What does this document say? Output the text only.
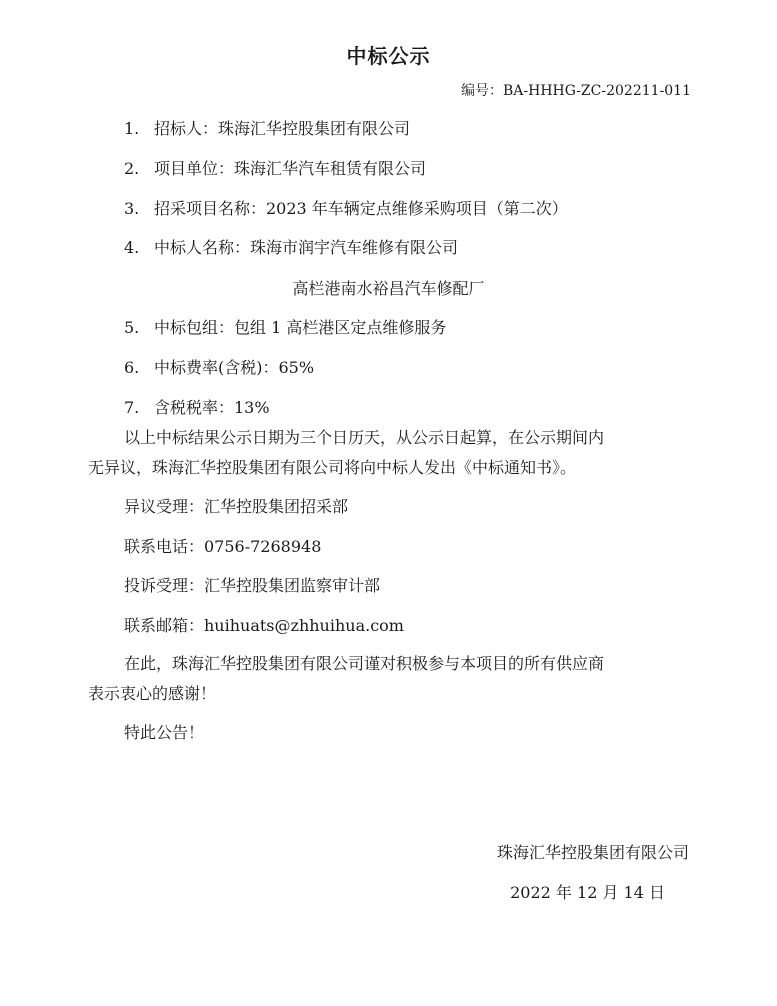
中标公示
编号：BA-HHHG-ZC-202211-011
1. 招标人：珠海汇华控股集团有限公司
2. 项目单位：珠海汇华汽车租赁有限公司
3. 招采项目名称：2023 年车辆定点维修采购项目（第二次）
4. 中标人名称：珠海市润宇汽车维修有限公司
高栏港南水裕昌汽车修配厂
5. 中标包组：包组 1 高栏港区定点维修服务
6. 中标费率(含税)：65%
7. 含税税率：13%
以上中标结果公示日期为三个日历天，从公示日起算，在公示期间内
无异议，珠海汇华控股集团有限公司将向中标人发出《中标通知书》。
异议受理：汇华控股集团招采部
联系电话：0756-7268948
投诉受理：汇华控股集团监察审计部
联系邮箱：huihuats@zhhuihua.com
在此，珠海汇华控股集团有限公司谨对积极参与本项目的所有供应商
表示衷心的感谢！
特此公告！
珠海汇华控股集团有限公司
2022 年 12 月 14 日
